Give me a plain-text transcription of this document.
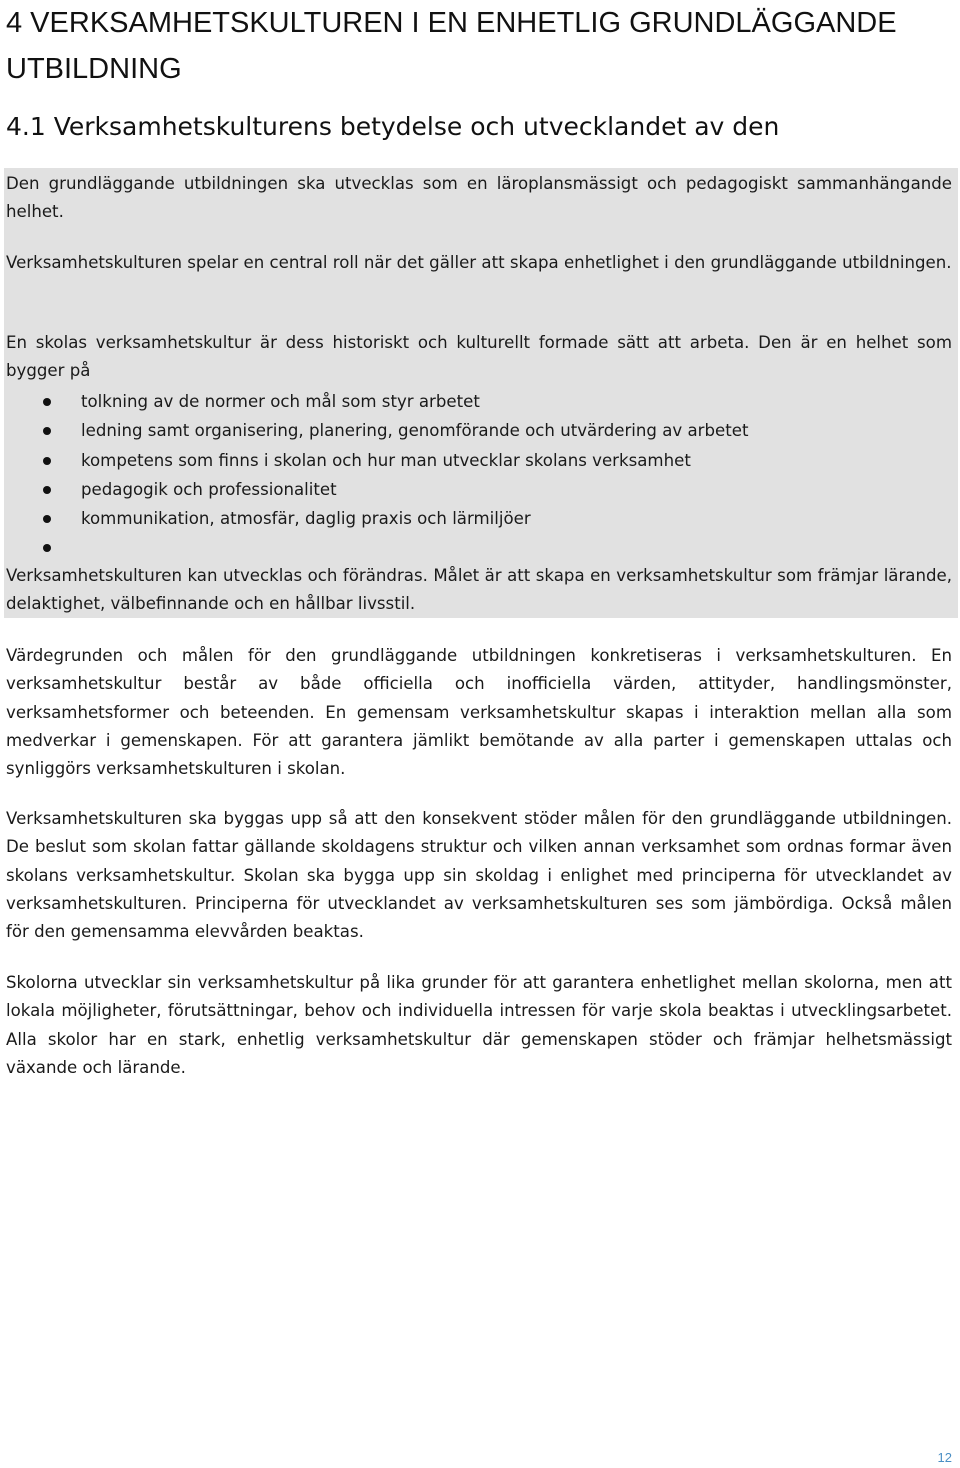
4 VERKSAMHETSKULTUREN I EN ENHETLIG GRUNDLÄGGANDE UTBILDNING
4.1 Verksamhetskulturens betydelse och utvecklandet av den

Den grundläggande utbildningen ska utvecklas som en läroplansmässigt och pedagogiskt sammanhängande helhet.

Verksamhetskulturen spelar en central roll när det gäller att skapa enhetlighet i den grundläggande utbildningen.

En skolas verksamhetskultur är dess historiskt och kulturellt formade sätt att arbeta. Den är en helhet som bygger på

tolkning av de normer och mål som styr arbetet
ledning samt organisering, planering, genomförande och utvärdering av arbetet
kompetens som finns i skolan och hur man utvecklar skolans verksamhet
pedagogik och professionalitet
kommunikation, atmosfär, daglig praxis och lärmiljöer

Verksamhetskulturen kan utvecklas och förändras. Målet är att skapa en verksamhetskultur som främjar lärande, delaktighet, välbefinnande och en hållbar livsstil.

Värdegrunden och målen för den grundläggande utbildningen konkretiseras i verksamhetskulturen. En verksamhetskultur består av både officiella och inofficiella värden, attityder, handlingsmönster, verksamhetsformer och beteenden. En gemensam verksamhetskultur skapas i interaktion mellan alla som medverkar i gemenskapen. För att garantera jämlikt bemötande av alla parter i gemenskapen uttalas och synliggörs verksamhetskulturen i skolan.

Verksamhetskulturen ska byggas upp så att den konsekvent stöder målen för den grundläggande utbildningen. De beslut som skolan fattar gällande skoldagens struktur och vilken annan verksamhet som ordnas formar även skolans verksamhetskultur. Skolan ska bygga upp sin skoldag i enlighet med principerna för utvecklandet av verksamhetskulturen. Principerna för utvecklandet av verksamhetskulturen ses som jämbördiga. Också målen för den gemensamma elevvården beaktas.

Skolorna utvecklar sin verksamhetskultur på lika grunder för att garantera enhetlighet mellan skolorna, men att lokala möjligheter, förutsättningar, behov och individuella intressen för varje skola beaktas i utvecklingsarbetet. Alla skolor har en stark, enhetlig verksamhetskultur där gemenskapen stöder och främjar helhetsmässigt växande och lärande.

12
